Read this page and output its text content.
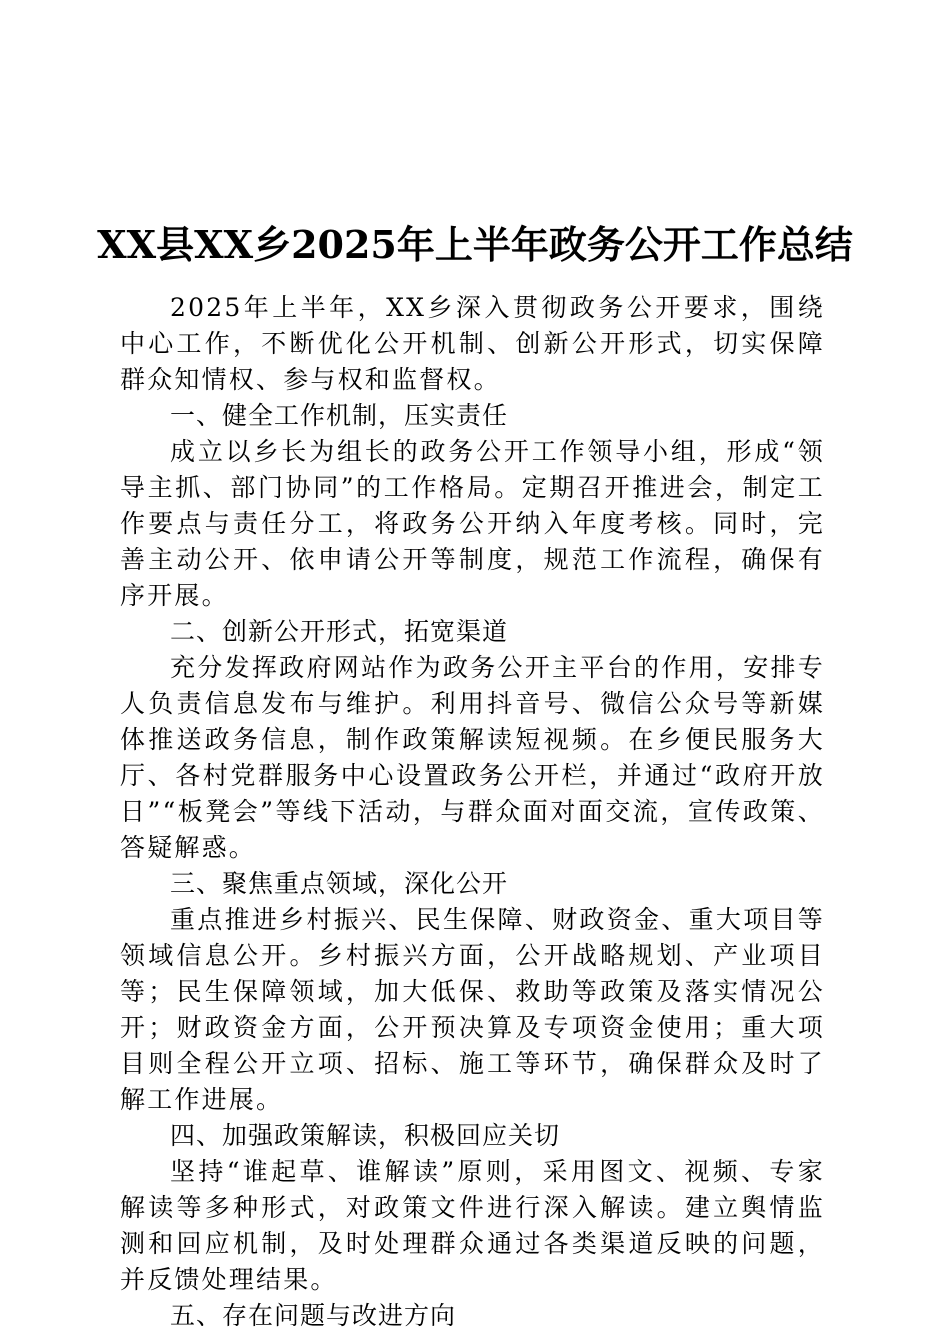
XX县XX乡2025年上半年政务公开工作总结

2025年上半年，XX乡深入贯彻政务公开要求，围绕中心工作，不断优化公开机制、创新公开形式，切实保障群众知情权、参与权和监督权。

一、健全工作机制，压实责任

成立以乡长为组长的政务公开工作领导小组，形成“领导主抓、部门协同”的工作格局。定期召开推进会，制定工作要点与责任分工，将政务公开纳入年度考核。同时，完善主动公开、依申请公开等制度，规范工作流程，确保有序开展。

二、创新公开形式，拓宽渠道

充分发挥政府网站作为政务公开主平台的作用，安排专人负责信息发布与维护。利用抖音号、微信公众号等新媒体推送政务信息，制作政策解读短视频。在乡便民服务大厅、各村党群服务中心设置政务公开栏，并通过“政府开放日”“板凳会”等线下活动，与群众面对面交流，宣传政策、答疑解惑。

三、聚焦重点领域，深化公开

重点推进乡村振兴、民生保障、财政资金、重大项目等领域信息公开。乡村振兴方面，公开战略规划、产业项目等；民生保障领域，加大低保、救助等政策及落实情况公开；财政资金方面，公开预决算及专项资金使用；重大项目则全程公开立项、招标、施工等环节，确保群众及时了解工作进展。

四、加强政策解读，积极回应关切

坚持“谁起草、谁解读”原则，采用图文、视频、专家解读等多种形式，对政策文件进行深入解读。建立舆情监测和回应机制，及时处理群众通过各类渠道反映的问题，并反馈处理结果。

五、存在问题与改进方向
